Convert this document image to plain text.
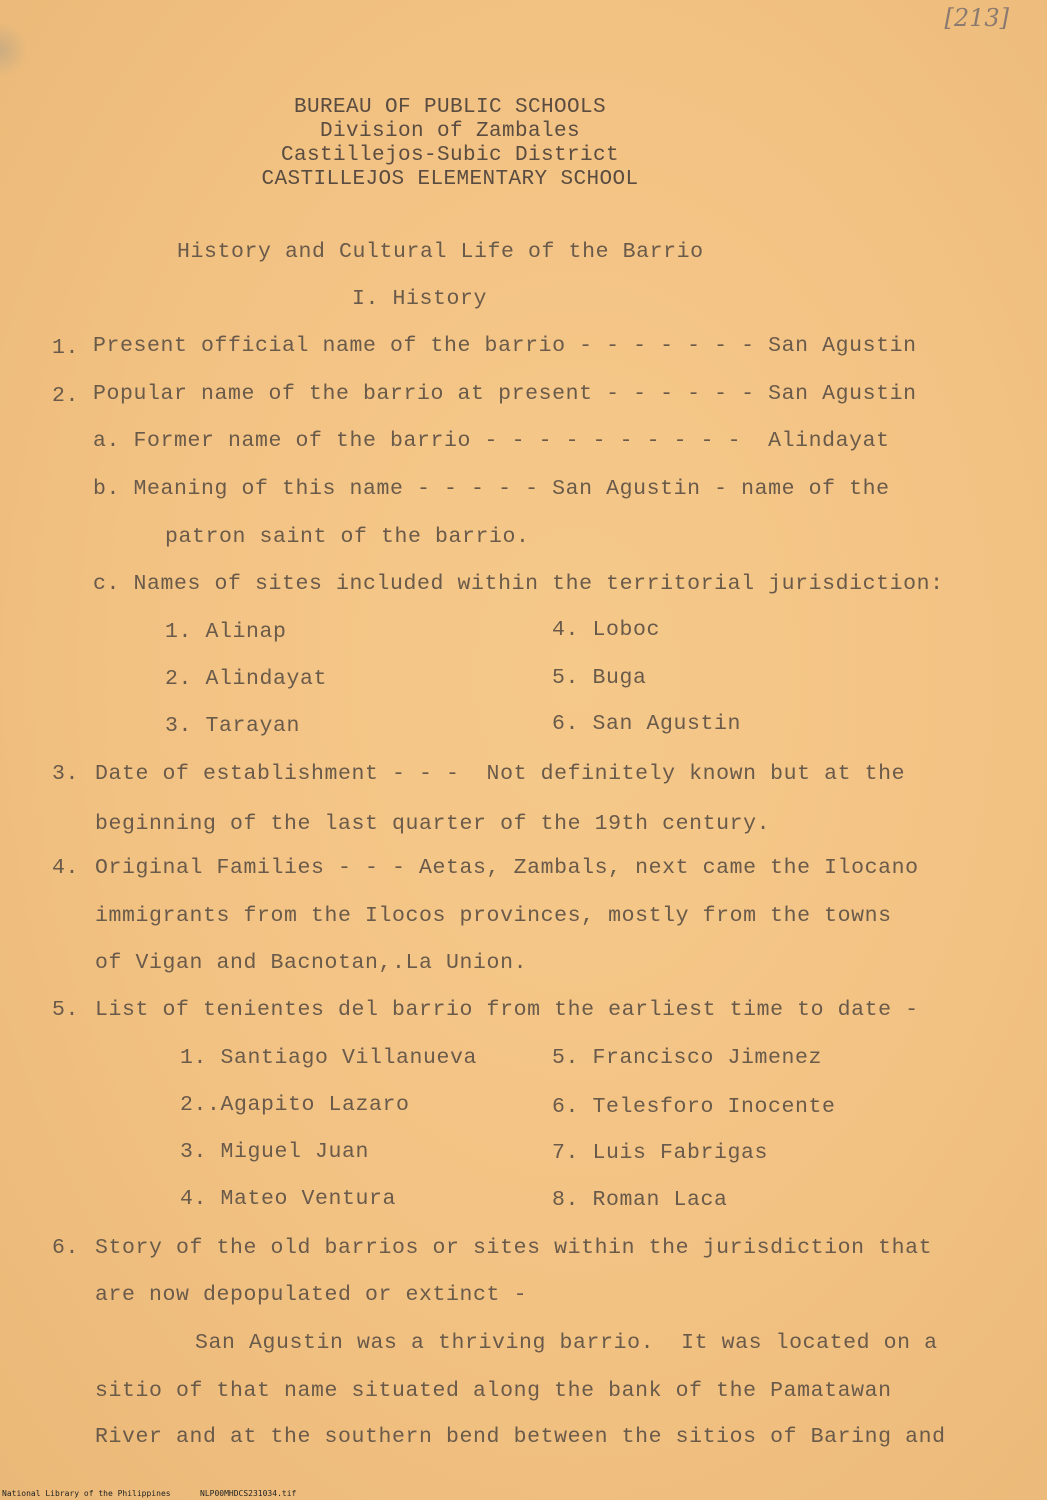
[213]
BUREAU OF PUBLIC SCHOOLS
Division of Zambales
Castillejos-Subic District
CASTILLEJOS ELEMENTARY SCHOOL
History and Cultural Life of the Barrio
I. History
1. Present official name of the barrio - - - - - - - San Agustin
2. Popular name of the barrio at present - - - - - - San Agustin
a. Former name of the barrio - - - - - - - - - -  Alindayat
b. Meaning of this name - - - - - San Agustin - name of the
patron saint of the barrio.
c. Names of sites included within the territorial jurisdiction:
1. Alinap
2. Alindayat
3. Tarayan
4. Loboc
5. Buga
6. San Agustin
3. Date of establishment - - -  Not definitely known but at the
beginning of the last quarter of the 19th century.
4. Original Families - - - Aetas, Zambals, next came the Ilocano
immigrants from the Ilocos provinces, mostly from the towns
of Vigan and Bacnotan,.La Union.
5. List of tenientes del barrio from the earliest time to date -
1. Santiago Villanueva
2..Agapito Lazaro
3. Miguel Juan
4. Mateo Ventura
5. Francisco Jimenez
6. Telesforo Inocente
7. Luis Fabrigas
8. Roman Laca
6. Story of the old barrios or sites within the jurisdiction that
are now depopulated or extinct -
San Agustin was a thriving barrio.  It was located on a
sitio of that name situated along the bank of the Pamatawan
River and at the southern bend between the sitios of Baring and
National Library of the Philippines	NLP00MHDCS231034.tif
